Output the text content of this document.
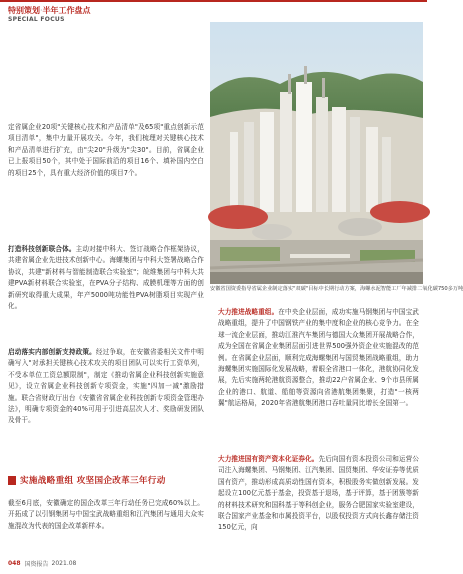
特别策划·半年工作盘点
SPECIAL FOCUS
安徽省国资委指导省属企业制定落实"双碳"目标中长期行动方案，海螺水泥智能工厂年减排二氧化碳750多万吨
定省属企业20项"关键核心技术和产品清单"及65项"重点创新示范项目清单"，集中力量开展攻关。今年，我们梳理对关键核心技术和产品清单进行扩充，由"尖20"升级为"尖30"。目前，省属企业已上报项目50个，其中处于国际前沿的项目16个、填补国内空白的项目25个，具有重大经济价值的项目7个。
打造科技创新联合体。主动对接中科大、签订战略合作框架协议，共建省属企业先进技术创新中心。海螺集团与中科大签署战略合作协议，共建"新材料与智能制造联合实验室"；皖维集团与中科大共建PVA新材料联合实验室，在PVA分子结构、成膜机理等方面的创新研究取得重大成果，年产5000吨功能性PVA树脂项目实现产业化。
启动落实内部创新支持政策。经过争取，在安徽省委相关文件中明确写入"对承担关键核心技术攻关的项目团队可以实行工资单列，不受本单位工资总额限制"，制定《推动省属企业科技创新实施意见》，设立省属企业科技创新专项资金，实施"四加一减"激励措施。联合省财政厅出台《安徽省省属企业科技创新专项资金管理办法》，明确专项资金的40%可用于引进高层次人才、奖励研发团队及骨干。
实施战略重组 攻坚国企改革三年行动
截至6月底，安徽确定的国企改革三年行动任务已完成60%以上。开拓成了以引钢集团与中国宝武战略重组和江汽集团与通用大众实施混改为代表的国企改革新样本。
大力推进战略重组。在中央企业层面，成功实施马钢集团与中国宝武战略重组，提升了中国钢铁产业的集中度和企业的核心竞争力。在全球一流企业层面，推动江淮汽车集团与德国大众集团开展战略合作，成为全国在省属企业集团层面引进世界500强外资企业实施混改的范例。在省属企业层面，顺利完成海螺集团与国贸集团战略重组，助力海螺集团实施国际化发展战略，着眼全省港口一体化，港航协同化发展，先后实施两轮港航资源整合，推动22户省属企业、9个市县所属企业的港口、航道、船舶等资源向省港航集团集聚，打造"一核两翼"航运格局，2020年省港航集团港口吞吐量同比增长全国第一。
大力推进国有资产资本化证券化。先后向国有资本投资公司和运营公司注入海螺集团、马钢集团、江汽集团、国贸集团、华安证券等优质国有资产，推动形成高质动性国有资本，积极股务实做创新发展。发起设立100亿元基于基金，投资基于退场，基于评算，基于团簇等新的材料技术研究和国科基于等科创企业，服务合肥国家实验室建设，联合国家产业基金和市属投资平台，以股权投资方式向长鑫存储注资150亿元，向
048 国资报告 2021.08
